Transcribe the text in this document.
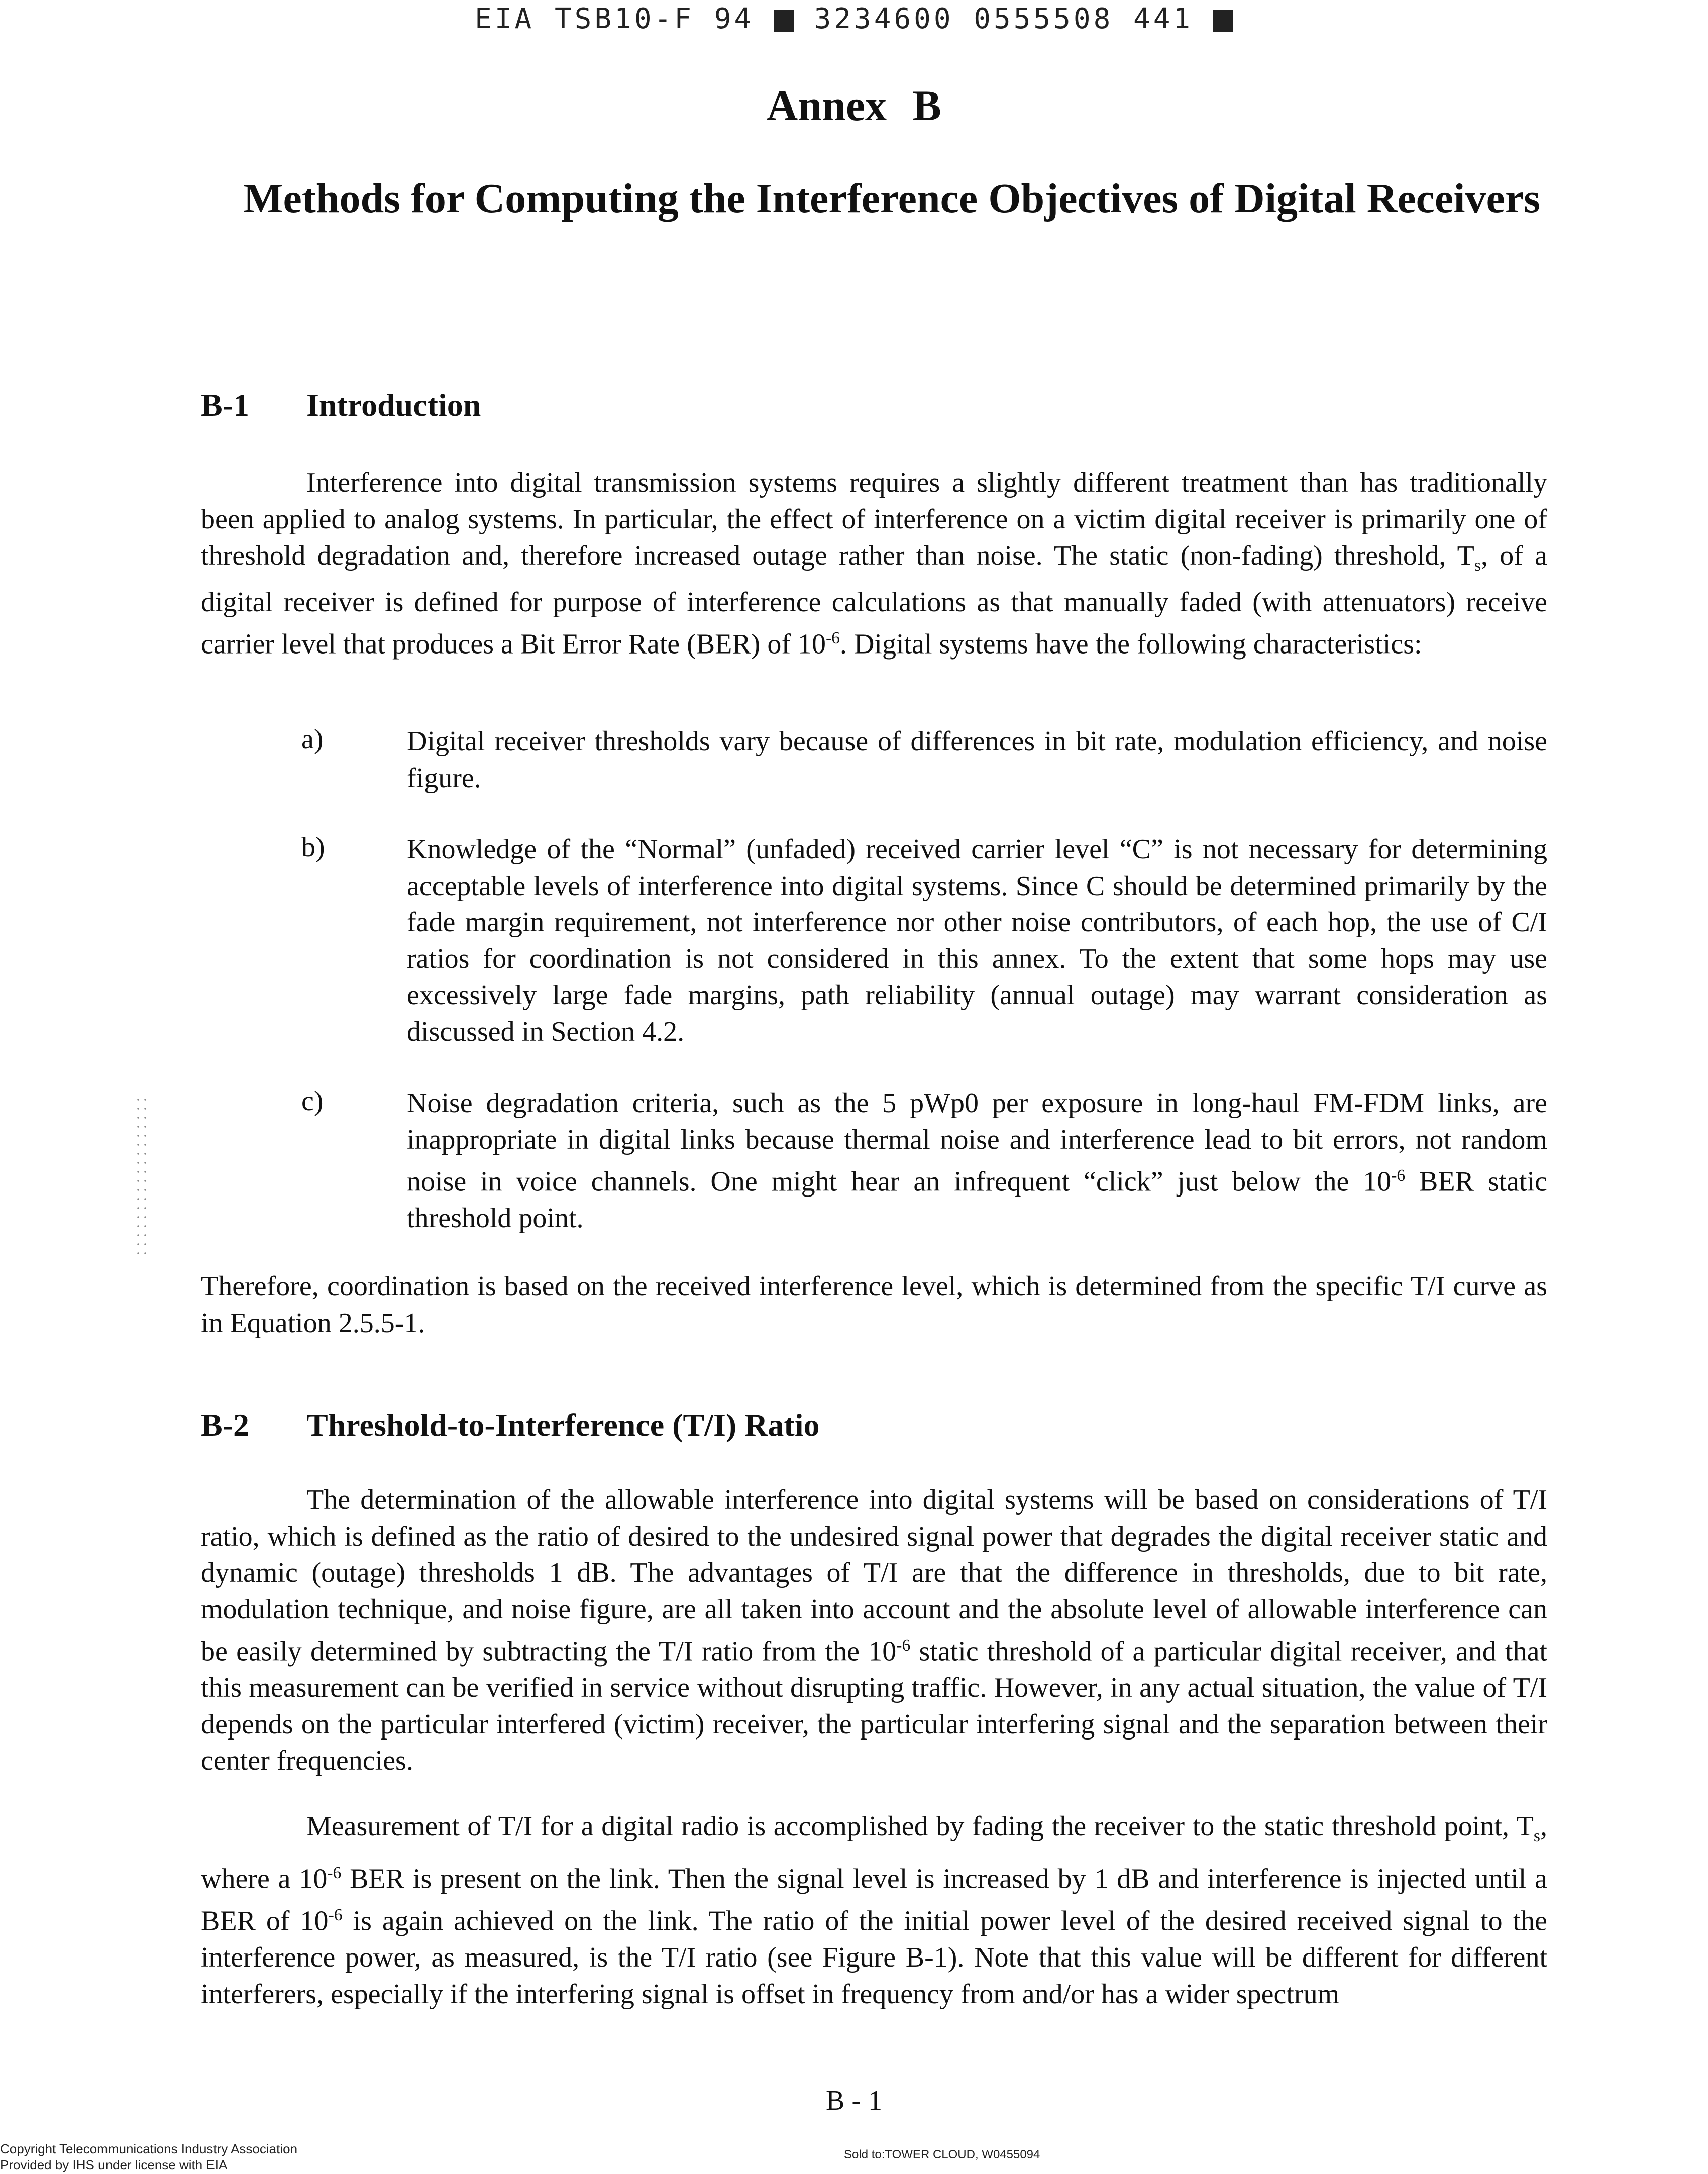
EIA TSB10-F 94 3234600 0555508 441
Annex B
Methods for Computing the Interference Objectives of Digital Receivers
B-1 Introduction
Interference into digital transmission systems requires a slightly different treatment than has traditionally been applied to analog systems. In particular, the effect of interference on a victim digital receiver is primarily one of threshold degradation and, therefore increased outage rather than noise. The static (non-fading) threshold, $T_s$, of a digital receiver is defined for purpose of interference calculations as that manually faded (with attenuators) receive carrier level that produces a Bit Error Rate (BER) of $10^{-6}$. Digital systems have the following characteristics:
a)	Digital receiver thresholds vary because of differences in bit rate, modulation efficiency, and noise figure.
b)	Knowledge of the “Normal” (unfaded) received carrier level “C” is not necessary for determining acceptable levels of interference into digital systems. Since C should be determined primarily by the fade margin requirement, not interference nor other noise contributors, of each hop, the use of C/I ratios for coordination is not considered in this annex. To the extent that some hops may use excessively large fade margins, path reliability (annual outage) may warrant consideration as discussed in Section 4.2.
c)	Noise degradation criteria, such as the 5 pWp0 per exposure in long-haul FM-FDM links, are inappropriate in digital links because thermal noise and interference lead to bit errors, not random noise in voice channels. One might hear an infrequent “click” just below the $10^{-6}$ BER static threshold point.
Therefore, coordination is based on the received interference level, which is determined from the specific T/I curve as in Equation 2.5.5-1.
B-2 Threshold-to-Interference (T/I) Ratio
The determination of the allowable interference into digital systems will be based on considerations of T/I ratio, which is defined as the ratio of desired to the undesired signal power that degrades the digital receiver static and dynamic (outage) thresholds 1 dB. The advantages of T/I are that the difference in thresholds, due to bit rate, modulation technique, and noise figure, are all taken into account and the absolute level of allowable interference can be easily determined by subtracting the T/I ratio from the $10^{-6}$ static threshold of a particular digital receiver, and that this measurement can be verified in service without disrupting traffic. However, in any actual situation, the value of T/I depends on the particular interfered (victim) receiver, the particular interfering signal and the separation between their center frequencies.
Measurement of T/I for a digital radio is accomplished by fading the receiver to the static threshold point, $T_s$, where a $10^{-6}$ BER is present on the link. Then the signal level is increased by 1 dB and interference is injected until a BER of $10^{-6}$ is again achieved on the link. The ratio of the initial power level of the desired received signal to the interference power, as measured, is the T/I ratio (see Figure B-1). Note that this value will be different for different interferers, especially if the interfering signal is offset in frequency from and/or has a wider spectrum
B - 1
Copyright Telecommunications Industry Association
Provided by IHS under license with EIA
Sold to:TOWER CLOUD, W0455094
